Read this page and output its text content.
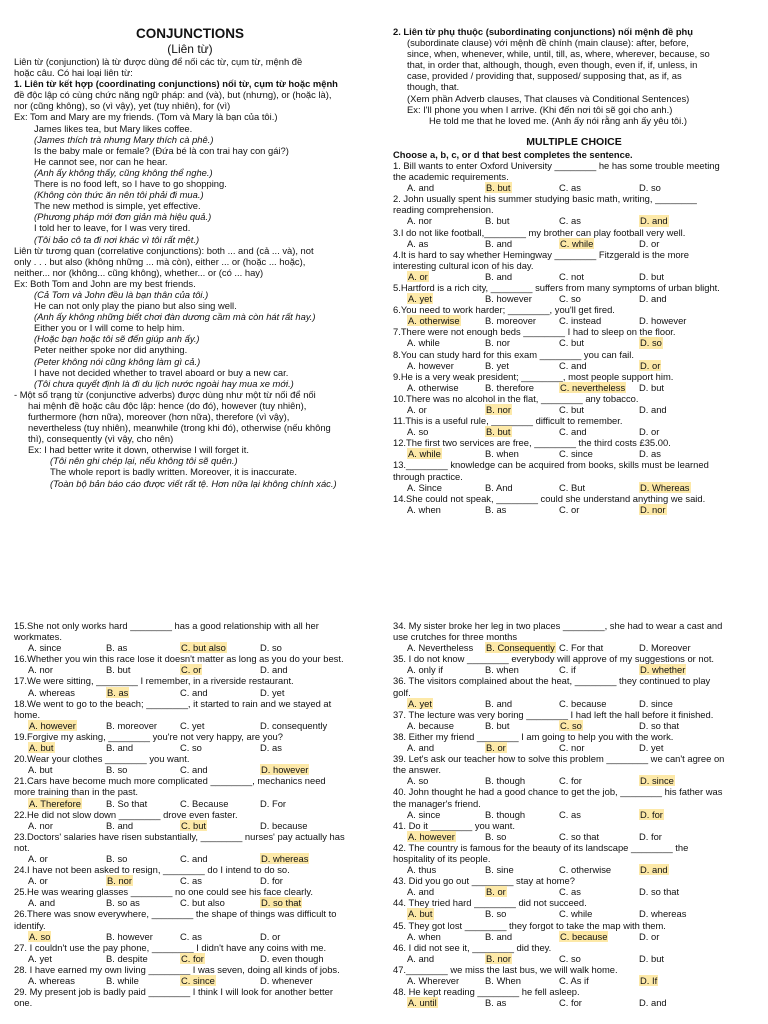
CONJUNCTIONS
(Liên từ)
Liên từ (conjunction) là từ được dùng để nối các từ, cụm từ, mệnh đề
hoặc câu. Có hai loại liên từ:
1. Liên từ kết hợp (coordinating conjunctions) nối từ, cụm từ hoặc mệnh
đề độc lập có cùng chức năng ngữ pháp: and (và), but (nhưng), or (hoặc là),
nor (cũng không), so (vì vậy), yet (tuy nhiên), for (vì)
Ex: Tom and Mary are my friends. (Tom và Mary là bạn của tôi.)
James likes tea, but Mary likes coffee.
(James thích trà nhưng Mary thích cà phê.)
Is the baby male or female? (Đứa bé là con trai hay con gái?)
He cannot see, nor can he hear.
(Anh ấy không thấy, cũng không thể nghe.)
There is no food left, so I have to go shopping.
(Không còn thức ăn nên tôi phải đi mua.)
The new method is simple, yet effective.
(Phương pháp mới đơn giản mà hiệu quả.)
I told her to leave, for I was very tired.
(Tôi bảo cô ta đi nơi khác vì tôi rất mệt.)
Liên từ tương quan (correlative conjunctions): both ... and (cả ... và), not
only . . . but also (không những ... mà còn), either ... or (hoặc ... hoặc),
neither... nor (không... cũng không), whether... or (có ... hay)
Ex: Both Tom and John are my best friends.
(Cả Tom và John đều là bạn thân của tôi.)
He can not only play the piano but also sing well.
(Anh ấy không những biết chơi đàn dương cầm mà còn hát rất hay.)
Either you or I will come to help him.
(Hoặc bạn hoặc tôi sẽ đến giúp anh ấy.)
Peter neither spoke nor did anything.
(Peter không nói cũng không làm gì cả.)
I have not decided whether to travel aboard or buy a new car.
(Tôi chưa quyết định là đi du lịch nước ngoài hay mua xe mới.)
- Một số trạng từ (conjunctive adverbs) được dùng như một từ nối để nối
hai mệnh đề hoặc câu độc lập: hence (do đó), however (tuy nhiên),
furthermore (hơn nữa), moreover (hơn nữa), therefore (vì vậy),
nevertheless (tuy nhiên), meanwhile (trong khi đó), otherwise (nếu không
thì), consequently (vì vậy, cho nên)
Ex: I had better write it down, otherwise I will forget it.
(Tôi nên ghi chép lại, nếu không tôi sẽ quên.)
The whole report is badly written. Moreover, it is inaccurate.
(Toàn bộ bản báo cáo được viết rất tệ. Hơn nữa lại không chính xác.)
2. Liên từ phụ thuộc (subordinating conjunctions) nối mệnh đề phụ
(subordinate clause) với mệnh đề chính (main clause): after, before,
since, when, whenever, while, until, till, as, where, wherever, because, so
that, in order that, although, though, even though, even if, if, unless, in
case, provided / providing that, supposed/ supposing that, as if, as
though, that.
(Xem phần Adverb clauses, That clauses và Conditional Sentences)
Ex: I'll phone you when I arrive. (Khi đến nơi tôi sẽ gọi cho anh.)
He told me that he loved me. (Anh ấy nói rằng anh ấy yêu tôi.)
MULTIPLE CHOICE
Choose a, b, c, or d that best completes the sentence.
1. Bill wants to enter Oxford University ________ he has some trouble meeting
the academic requirements.
A. and	B. but	C. as	D. so
2. John usually spent his summer studying basic math, writing, ________
reading comprehension.
A. nor	B. but	C. as	D. and
3.I do not like football,________ my brother can play football very well.
A. as	B. and	C. while	D. or
4.It is hard to say whether Hemingway ________ Fitzgerald is the more
interesting cultural icon of his day.
A. or	B. and	C. not	D. but
5.Hartford is a rich city, ________ suffers from many symptoms of urban blight.
A. yet	B. however	C. so	D. and
6.You need to work harder; ________, you'll get fired.
A. otherwise	B. moreover C. instead	D. however
7.There were not enough beds ________ I had to sleep on the floor.
A. while	B. nor	C. but	D. so
8.You can study hard for this exam ________ you can fail.
A. however	B. yet	C. and	D. or
9.He is a very weak president; ________, most people support him.
A. otherwise	B. therefore	C. nevertheless D. but
10.There was no alcohol in the flat, ________ any tobacco.
A. or	B. nor	C. but	D. and
11.This is a useful rule, ________ difficult to remember.
A. so	B. but	C. and	D. or
12.The first two services are free, ________ the third costs £35.00.
A. while	B. when	C. since	D. as
13.________ knowledge can be acquired from books, skills must be learned
through practice.
A. Since	B. And	C. But	D. Whereas
14.She could not speak, ________ could she understand anything we said.
A. when	B. as	C. or	D. nor
15.She not only works hard ________ has a good relationship with all her
workmates.
A. since	B. as	C. but also	D. so
16.Whether you win this race lose it doesn't matter as long as you do your best.
A. nor	B. but	C. or	D. and
17.We were sitting, ________ I remember, in a riverside restaurant.
A. whereas	B. as	C. and	D. yet
18.We went to go to the beach; ________, it started to rain and we stayed at
home.
A. however	B. moreover C. yet	D. consequently
19.Forgive my asking, ________ you're not very happy, are you?
A. but	B. and	C. so	D. as
20.Wear your clothes ________ you want.
A. but	B. so	C. and	D. however
21.Cars have become much more complicated ________, mechanics need
more training than in the past.
A. Therefore	B. So that	C. Because	D. For
22.He did not slow down ________ drove even faster.
A. nor	B. and	C. but	D. because
23.Doctors' salaries have risen substantially, ________ nurses' pay actually has
not.
A. or	B. so	C. and	D. whereas
24.I have not been asked to resign, ________ do I intend to do so.
A. or	B. nor	C. as	D. for
25.He was wearing glasses ________ no one could see his face clearly.
A. and	B. so as	C. but also	D. so that
26.There was snow everywhere, ________ the shape of things was difficult to
identify.
A. so	B. however	C. as	D. or
27. I couldn't use the pay phone, ________ I didn't have any coins with me.
A. yet	B. despite	C. for	D. even though
28. I have earned my own living ________ I was seven, doing all kinds of jobs.
A. whereas	B. while	C. since	D. whenever
29. My present job is badly paid ________ I think I will look for another better
one.
34. My sister broke her leg in two places ________, she had to wear a cast and
use crutches for three months
A. Nevertheless B. Consequently C. For that	D. Moreover
35. I do not know ________ everybody will approve of my suggestions or not.
A. only if	B. when	C. if	D. whether
36. The visitors complained about the heat, ________ they continued to play
golf.
A. yet	B. and	C. because	D. since
37. The lecture was very boring ________ I had left the hall before it finished.
A. because	B. but	C. so	D. so that
38. Either my friend ________ I am going to help you with the work.
A. and	B. or	C. nor	D. yet
39. Let's ask our teacher how to solve this problem ________ we can't agree on
the answer.
A. so	B. though	C. for	D. since
40. John thought he had a good chance to get the job, ________ his father was
the manager's friend.
A. since	B. though	C. as	D. for
41. Do it ________ you want.
A. however	B. so	C. so that	D. for
42. The country is famous for the beauty of its landscape ________ the
hospitality of its people.
A. thus	B. sine	C. otherwise	D. and
43. Did you go out ________ stay at home?
A. and	B. or	C. as	D. so that
44. They tried hard ________ did not succeed.
A. but	B. so	C. while	D. whereas
45. They got lost ________ they forgot to take the map with them.
A. when	B. and	C. because	D. or
46. I did not see it, ________ did they.
A. and	B. nor	C. so	D. but
47.________ we miss the last bus, we will walk home.
A. Wherever	B. When	C. As if	D. If
48. He kept reading ________ he fell asleep.
A. until	B. as	C. for	D. and
